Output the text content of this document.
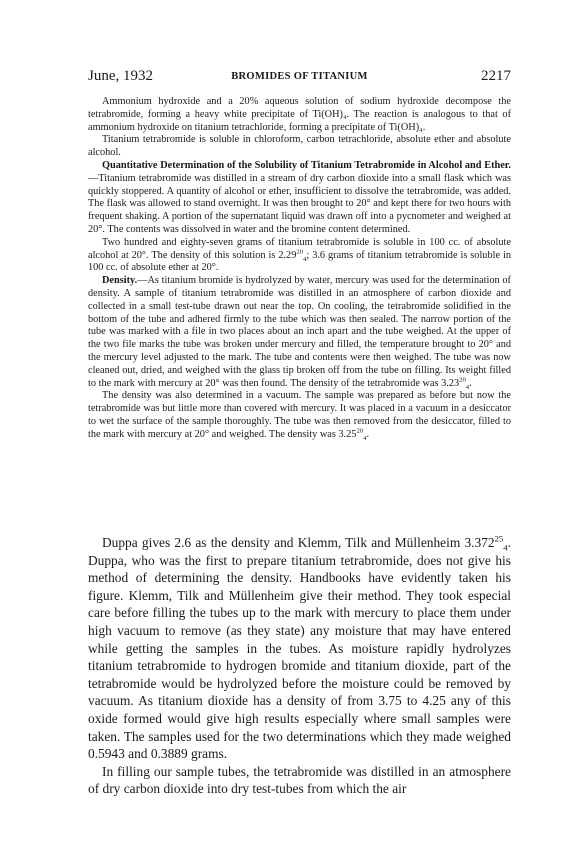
June, 1932	BROMIDES OF TITANIUM	2217

Ammonium hydroxide and a 20% aqueous solution of sodium hydroxide decompose the tetrabromide, forming a heavy white precipitate of Ti(OH)₄. The reaction is analogous to that of ammonium hydroxide on titanium tetrachloride, forming a precipitate of Ti(OH)₄.

Titanium tetrabromide is soluble in chloroform, carbon tetrachloride, absolute ether and absolute alcohol.

Quantitative Determination of the Solubility of Titanium Tetrabromide in Alcohol and Ether.—Titanium tetrabromide was distilled in a stream of dry carbon dioxide into a small flask which was quickly stoppered. A quantity of alcohol or ether, insufficient to dissolve the tetrabromide, was added. The flask was allowed to stand overnight. It was then brought to 20° and kept there for two hours with frequent shaking. A portion of the supernatant liquid was drawn off into a pycnometer and weighed at 20°. The contents was dissolved in water and the bromine content determined.

Two hundred and eighty-seven grams of titanium tetrabromide is soluble in 100 cc. of absolute alcohol at 20°. The density of this solution is $2.29^{20}_4$; 3.6 grams of titanium tetrabromide is soluble in 100 cc. of absolute ether at 20°.

Density.—As titanium bromide is hydrolyzed by water, mercury was used for the determination of density. A sample of titanium tetrabromide was distilled in an atmosphere of carbon dioxide and collected in a small test-tube drawn out near the top. On cooling, the tetrabromide solidified in the bottom of the tube and adhered firmly to the tube which was then sealed. The narrow portion of the tube was marked with a file in two places about an inch apart and the tube weighed. At the upper of the two file marks the tube was broken under mercury and filled, the temperature brought to 20° and the mercury level adjusted to the mark. The tube and contents were then weighed. The tube was now cleaned out, dried, and weighed with the glass tip broken off from the tube on filling. Its weight filled to the mark with mercury at 20° was then found. The density of the tetrabromide was $3.23^{20}_4$.

The density was also determined in a vacuum. The sample was prepared as before but now the tetrabromide was but little more than covered with mercury. It was placed in a vacuum in a desiccator to wet the surface of the sample thoroughly. The tube was then removed from the desiccator, filled to the mark with mercury at 20° and weighed. The density was $3.25^{20}_4$.

Duppa gives 2.6 as the density and Klemm, Tilk and Müllenheim $3.372^{25}_4$. Duppa, who was the first to prepare titanium tetrabromide, does not give his method of determining the density. Handbooks have evidently taken his figure. Klemm, Tilk and Müllenheim give their method. They took especial care before filling the tubes up to the mark with mercury to place them under high vacuum to remove (as they state) any moisture that may have entered while getting the samples in the tubes. As moisture rapidly hydrolyzes titanium tetrabromide to hydrogen bromide and titanium dioxide, part of the tetrabromide would be hydrolyzed before the moisture could be removed by vacuum. As titanium dioxide has a density of from 3.75 to 4.25 any of this oxide formed would give high results especially where small samples were taken. The samples used for the two determinations which they made weighed 0.5943 and 0.3889 grams.

In filling our sample tubes, the tetrabromide was distilled in an atmosphere of dry carbon dioxide into dry test-tubes from which the air
